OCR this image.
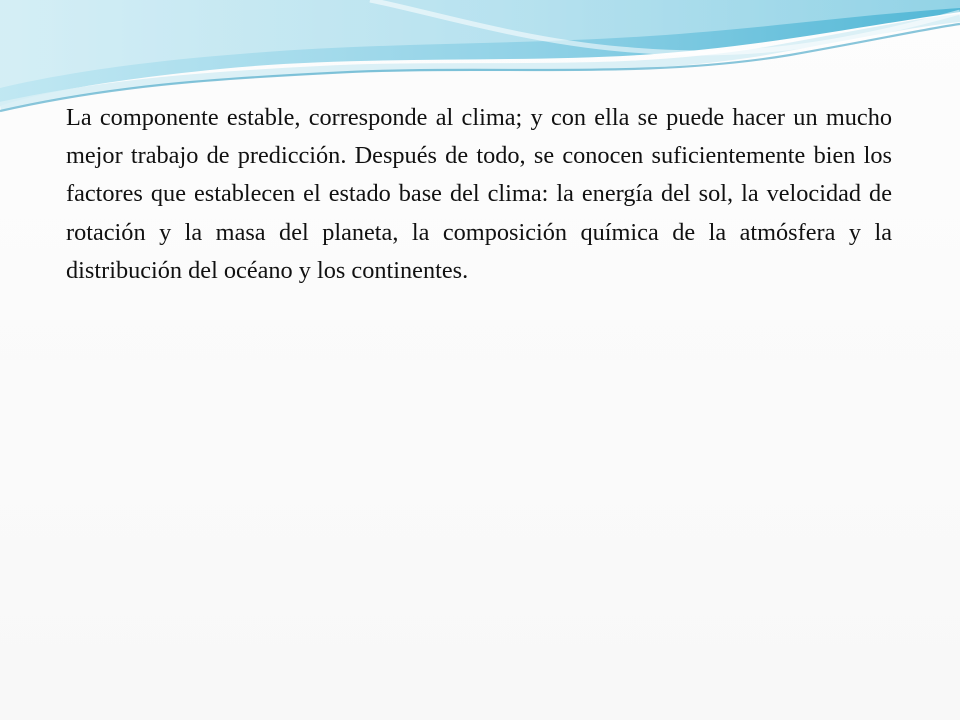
La componente estable, corresponde al clima; y con ella se puede hacer un mucho mejor trabajo de predicción. Después de todo, se conocen suficientemente bien los factores que establecen el estado base del clima: la energía del sol, la velocidad de rotación y la masa del planeta, la composición química de la atmósfera y la distribución del océano y los continentes.
